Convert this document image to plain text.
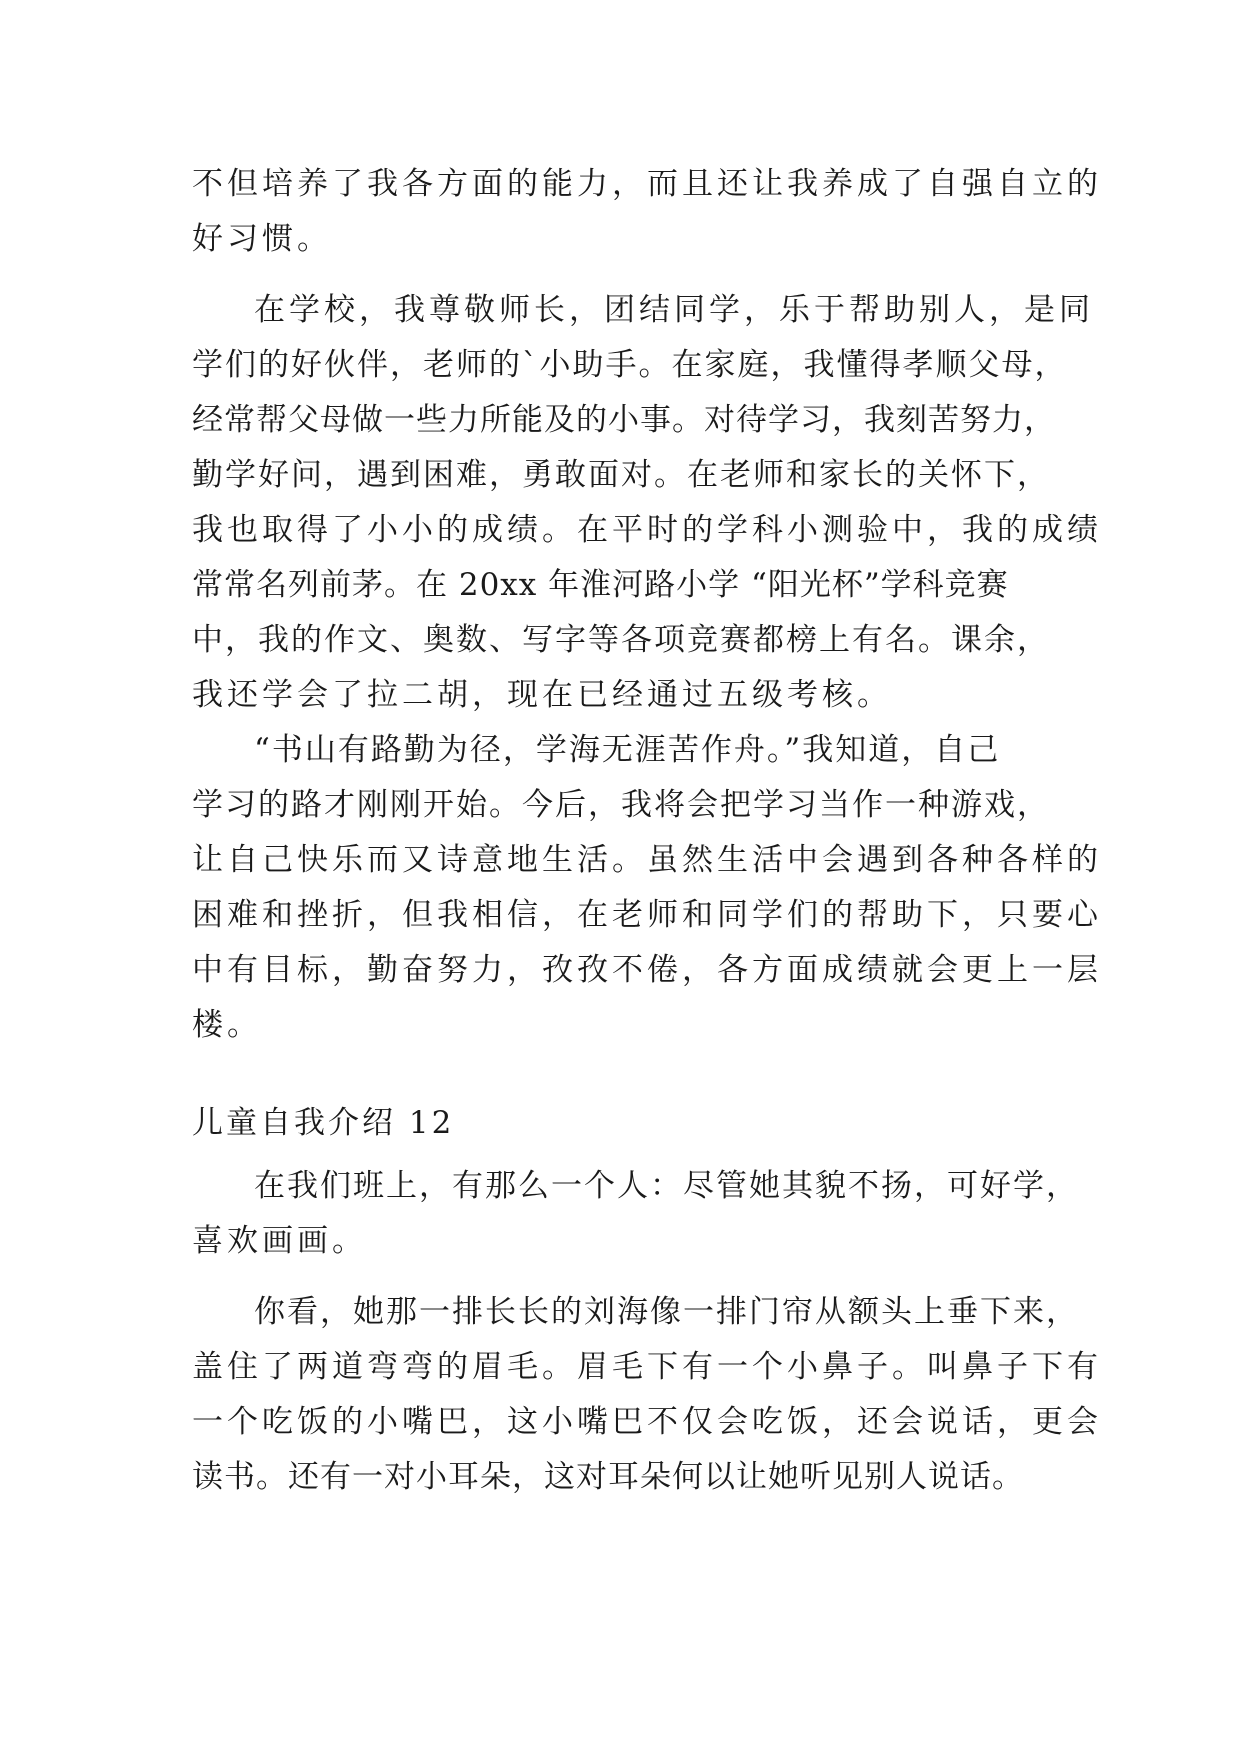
不但培养了我各方面的能力，而且还让我养成了自强自立的
好习惯。
在学校，我尊敬师长，团结同学，乐于帮助别人，是同
学们的好伙伴，老师的`小助手。在家庭，我懂得孝顺父母，
经常帮父母做一些力所能及的小事。对待学习，我刻苦努力，
勤学好问，遇到困难，勇敢面对。在老师和家长的关怀下，
我也取得了小小的成绩。在平时的学科小测验中，我的成绩
常常名列前茅。在 20xx 年淮河路小学 “阳光杯”学科竞赛
中，我的作文、奥数、写字等各项竞赛都榜上有名。课余，
我还学会了拉二胡，现在已经通过五级考核。
“书山有路勤为径，学海无涯苦作舟。”我知道，自己
学习的路才刚刚开始。今后，我将会把学习当作一种游戏，
让自己快乐而又诗意地生活。虽然生活中会遇到各种各样的
困难和挫折，但我相信，在老师和同学们的帮助下，只要心
中有目标，勤奋努力，孜孜不倦，各方面成绩就会更上一层
楼。
儿童自我介绍 12
在我们班上，有那么一个人：尽管她其貌不扬，可好学，
喜欢画画。
你看，她那一排长长的刘海像一排门帘从额头上垂下来，
盖住了两道弯弯的眉毛。眉毛下有一个小鼻子。叫鼻子下有
一个吃饭的小嘴巴，这小嘴巴不仅会吃饭，还会说话，更会
读书。还有一对小耳朵，这对耳朵何以让她听见别人说话。
